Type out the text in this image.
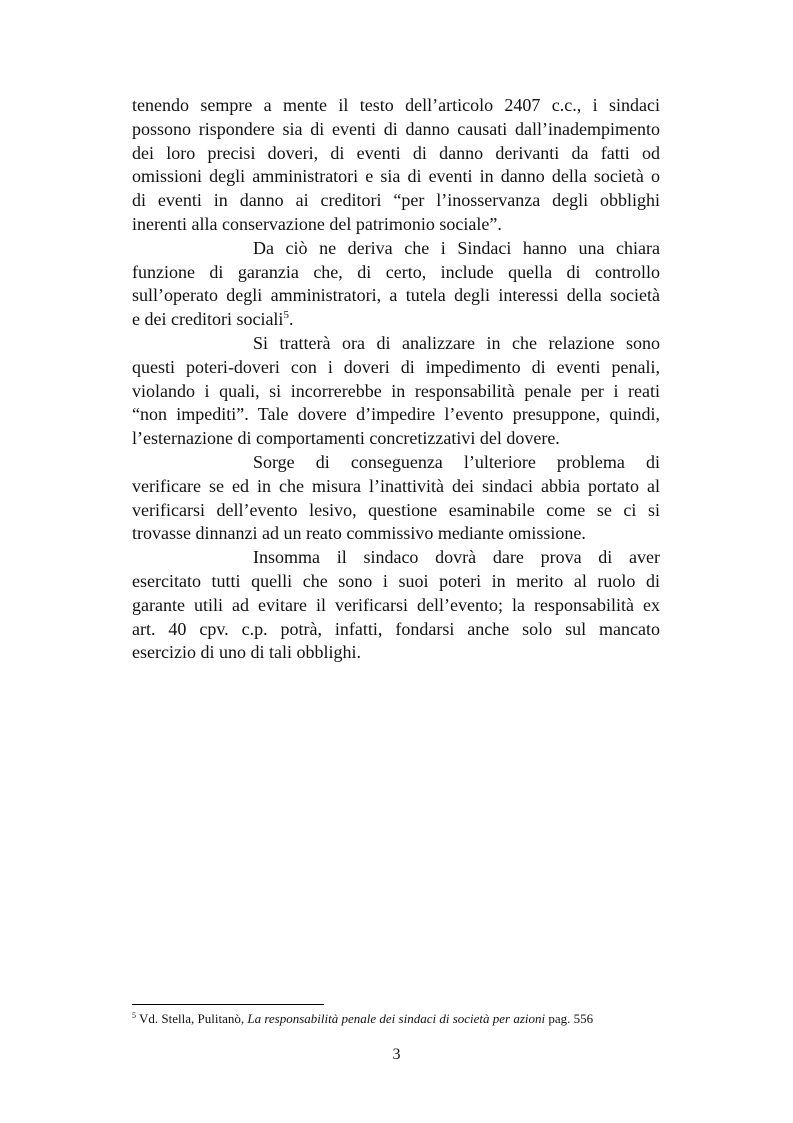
tenendo sempre a mente il testo dell’articolo 2407 c.c., i sindaci
possono rispondere sia di eventi di danno causati dall’inadempimento
dei loro precisi doveri, di eventi di danno derivanti da fatti od
omissioni degli amministratori e sia di eventi in danno della società o
di eventi in danno ai creditori “per l’inosservanza degli obblighi
inerenti alla conservazione del patrimonio sociale”.

Da ciò ne deriva che i Sindaci hanno una chiara
funzione di garanzia che, di certo, include quella di controllo
sull’operato degli amministratori, a tutela degli interessi della società
e dei creditori sociali$^5$.

Si tratterà ora di analizzare in che relazione sono
questi poteri-doveri con i doveri di impedimento di eventi penali,
violando i quali, si incorrerebbe in responsabilità penale per i reati
“non impediti”. Tale dovere d’impedire l’evento presuppone, quindi,
l’esternazione di comportamenti concretizzativi del dovere.

Sorge di conseguenza l’ulteriore problema di
verificare se ed in che misura l’inattività dei sindaci abbia portato al
verificarsi dell’evento lesivo, questione esaminabile come se ci si
trovasse dinnanzi ad un reato commissivo mediante omissione.

Insomma il sindaco dovrà dare prova di aver
esercitato tutti quelli che sono i suoi poteri in merito al ruolo di
garante utili ad evitare il verificarsi dell’evento; la responsabilità ex
art. 40 cpv. c.p. potrà, infatti, fondarsi anche solo sul mancato
esercizio di uno di tali obblighi.

$^5$ Vd. Stella, Pulitanò, La responsabilità penale dei sindaci di società per azioni pag. 556
3
